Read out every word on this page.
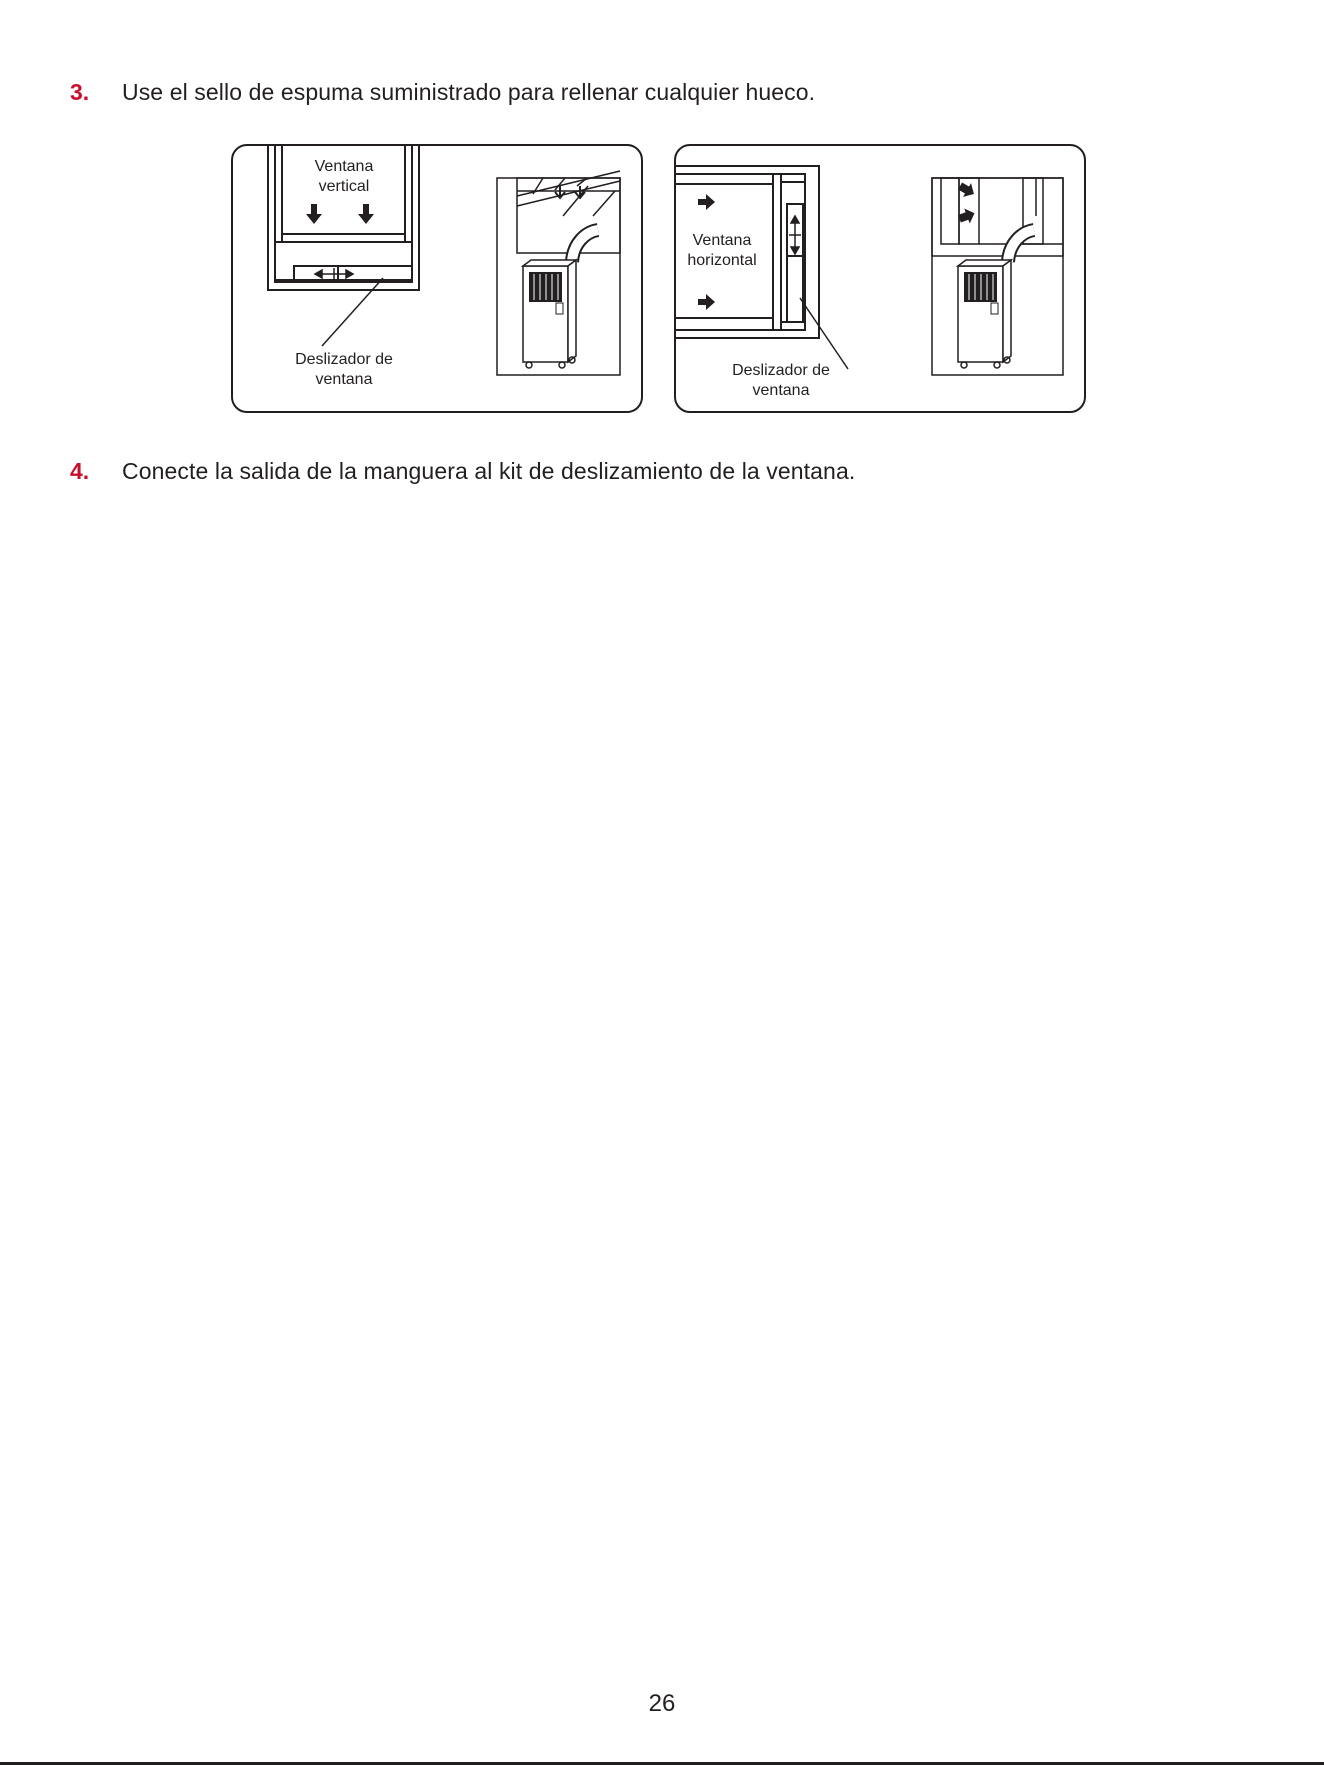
3.	Use el sello de espuma suministrado para rellenar cualquier hueco.
Ventana
vertical
Deslizador de
ventana
Ventana
horizontal
Deslizador de
ventana
4.	Conecte la salida de la manguera al kit de deslizamiento de la ventana.
26
